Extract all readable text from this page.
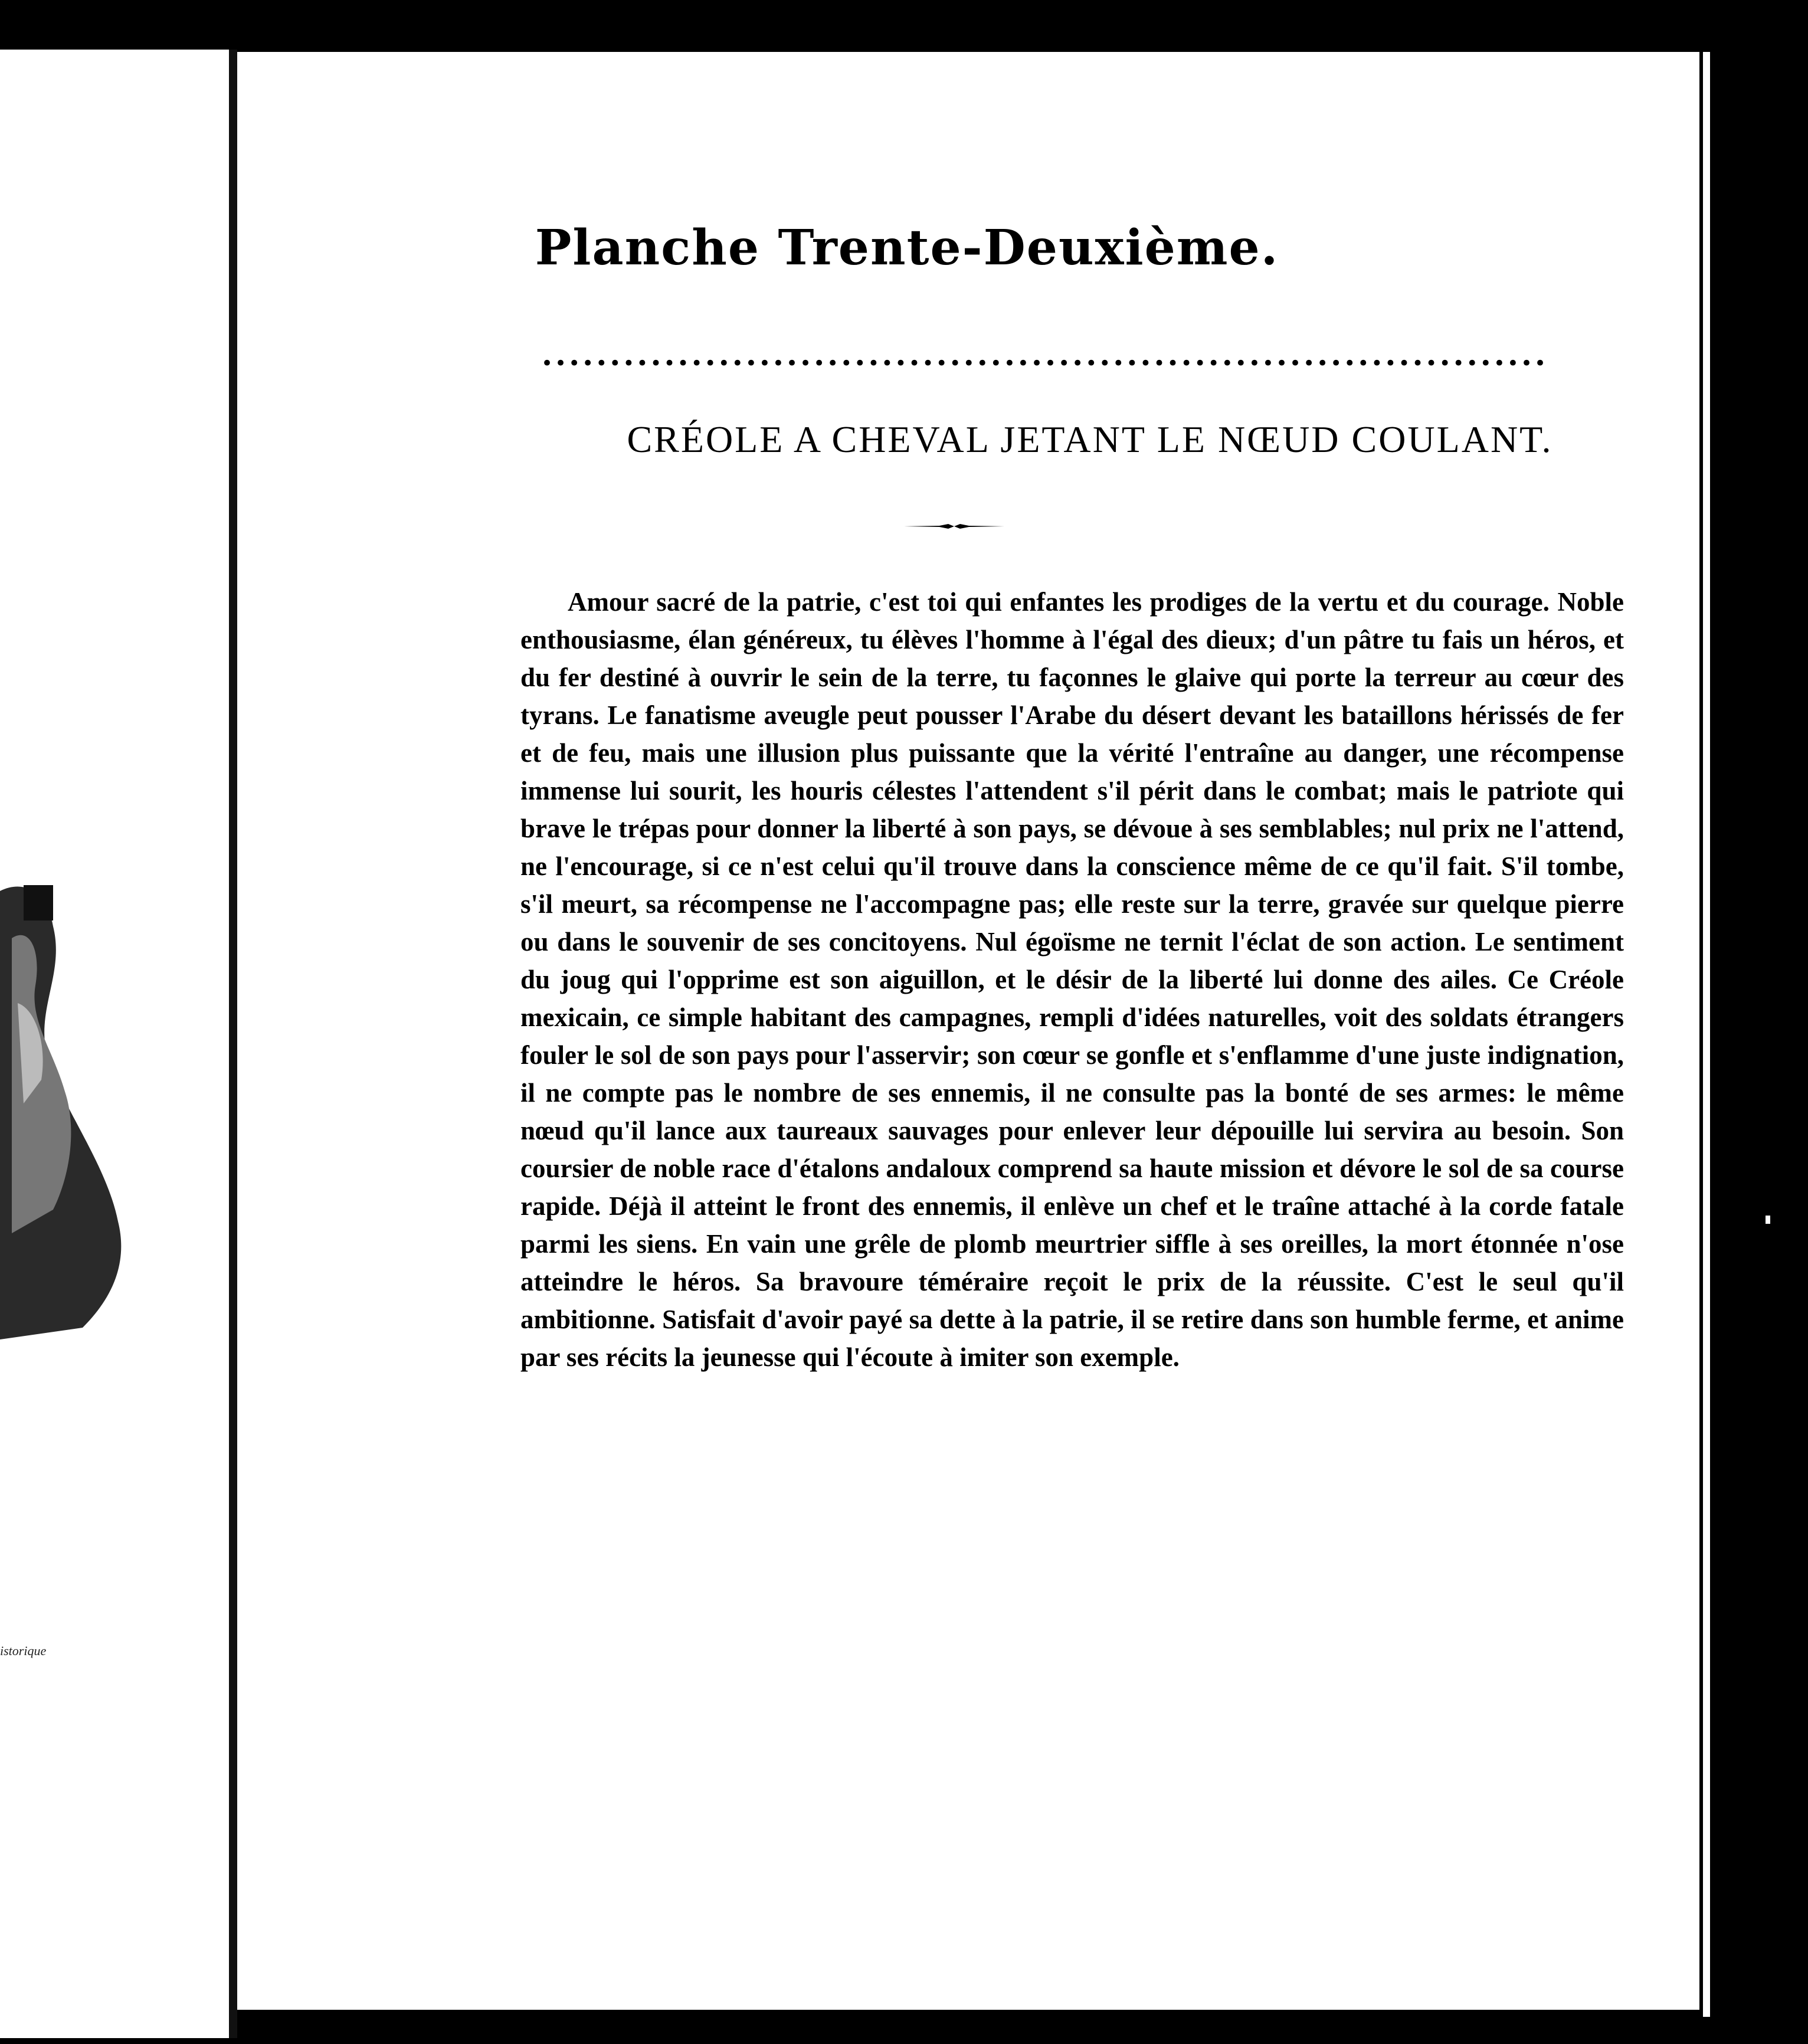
istorique
Planche Trente-Deuxième.
••••••••••••••••••••••••••••••••••••••••••••••••••••••••••••••••••••••••••
CRÉOLE A CHEVAL JETANT LE NŒUD COULANT.
Amour sacré de la patrie, c'est toi qui enfantes les prodiges de la vertu et du courage. Noble enthousiasme, élan généreux, tu élèves l'homme à l'égal des dieux; d'un pâtre tu fais un héros, et du fer destiné à ouvrir le sein de la terre, tu façonnes le glaive qui porte la terreur au cœur des tyrans. Le fanatisme aveugle peut pousser l'Arabe du désert devant les bataillons hérissés de fer et de feu, mais une illusion plus puissante que la vérité l'entraîne au danger, une récompense immense lui sourit, les houris célestes l'attendent s'il périt dans le combat; mais le patriote qui brave le trépas pour donner la liberté à son pays, se dévoue à ses semblables; nul prix ne l'attend, ne l'encourage, si ce n'est celui qu'il trouve dans la conscience même de ce qu'il fait. S'il tombe, s'il meurt, sa récompense ne l'accompagne pas; elle reste sur la terre, gravée sur quelque pierre ou dans le souvenir de ses concitoyens. Nul égoïsme ne ternit l'éclat de son action. Le sentiment du joug qui l'opprime est son aiguillon, et le désir de la liberté lui donne des ailes. Ce Créole mexicain, ce simple habitant des campagnes, rempli d'idées naturelles, voit des soldats étrangers fouler le sol de son pays pour l'asservir; son cœur se gonfle et s'enflamme d'une juste indignation, il ne compte pas le nombre de ses ennemis, il ne consulte pas la bonté de ses armes: le même nœud qu'il lance aux taureaux sauvages pour enlever leur dépouille lui servira au besoin. Son coursier de noble race d'étalons andaloux comprend sa haute mission et dévore le sol de sa course rapide. Déjà il atteint le front des ennemis, il enlève un chef et le traîne attaché à la corde fatale parmi les siens. En vain une grêle de plomb meurtrier siffle à ses oreilles, la mort étonnée n'ose atteindre le héros. Sa bravoure téméraire reçoit le prix de la réussite. C'est le seul qu'il ambitionne. Satisfait d'avoir payé sa dette à la patrie, il se retire dans son humble ferme, et anime par ses récits la jeunesse qui l'écoute à imiter son exemple.
